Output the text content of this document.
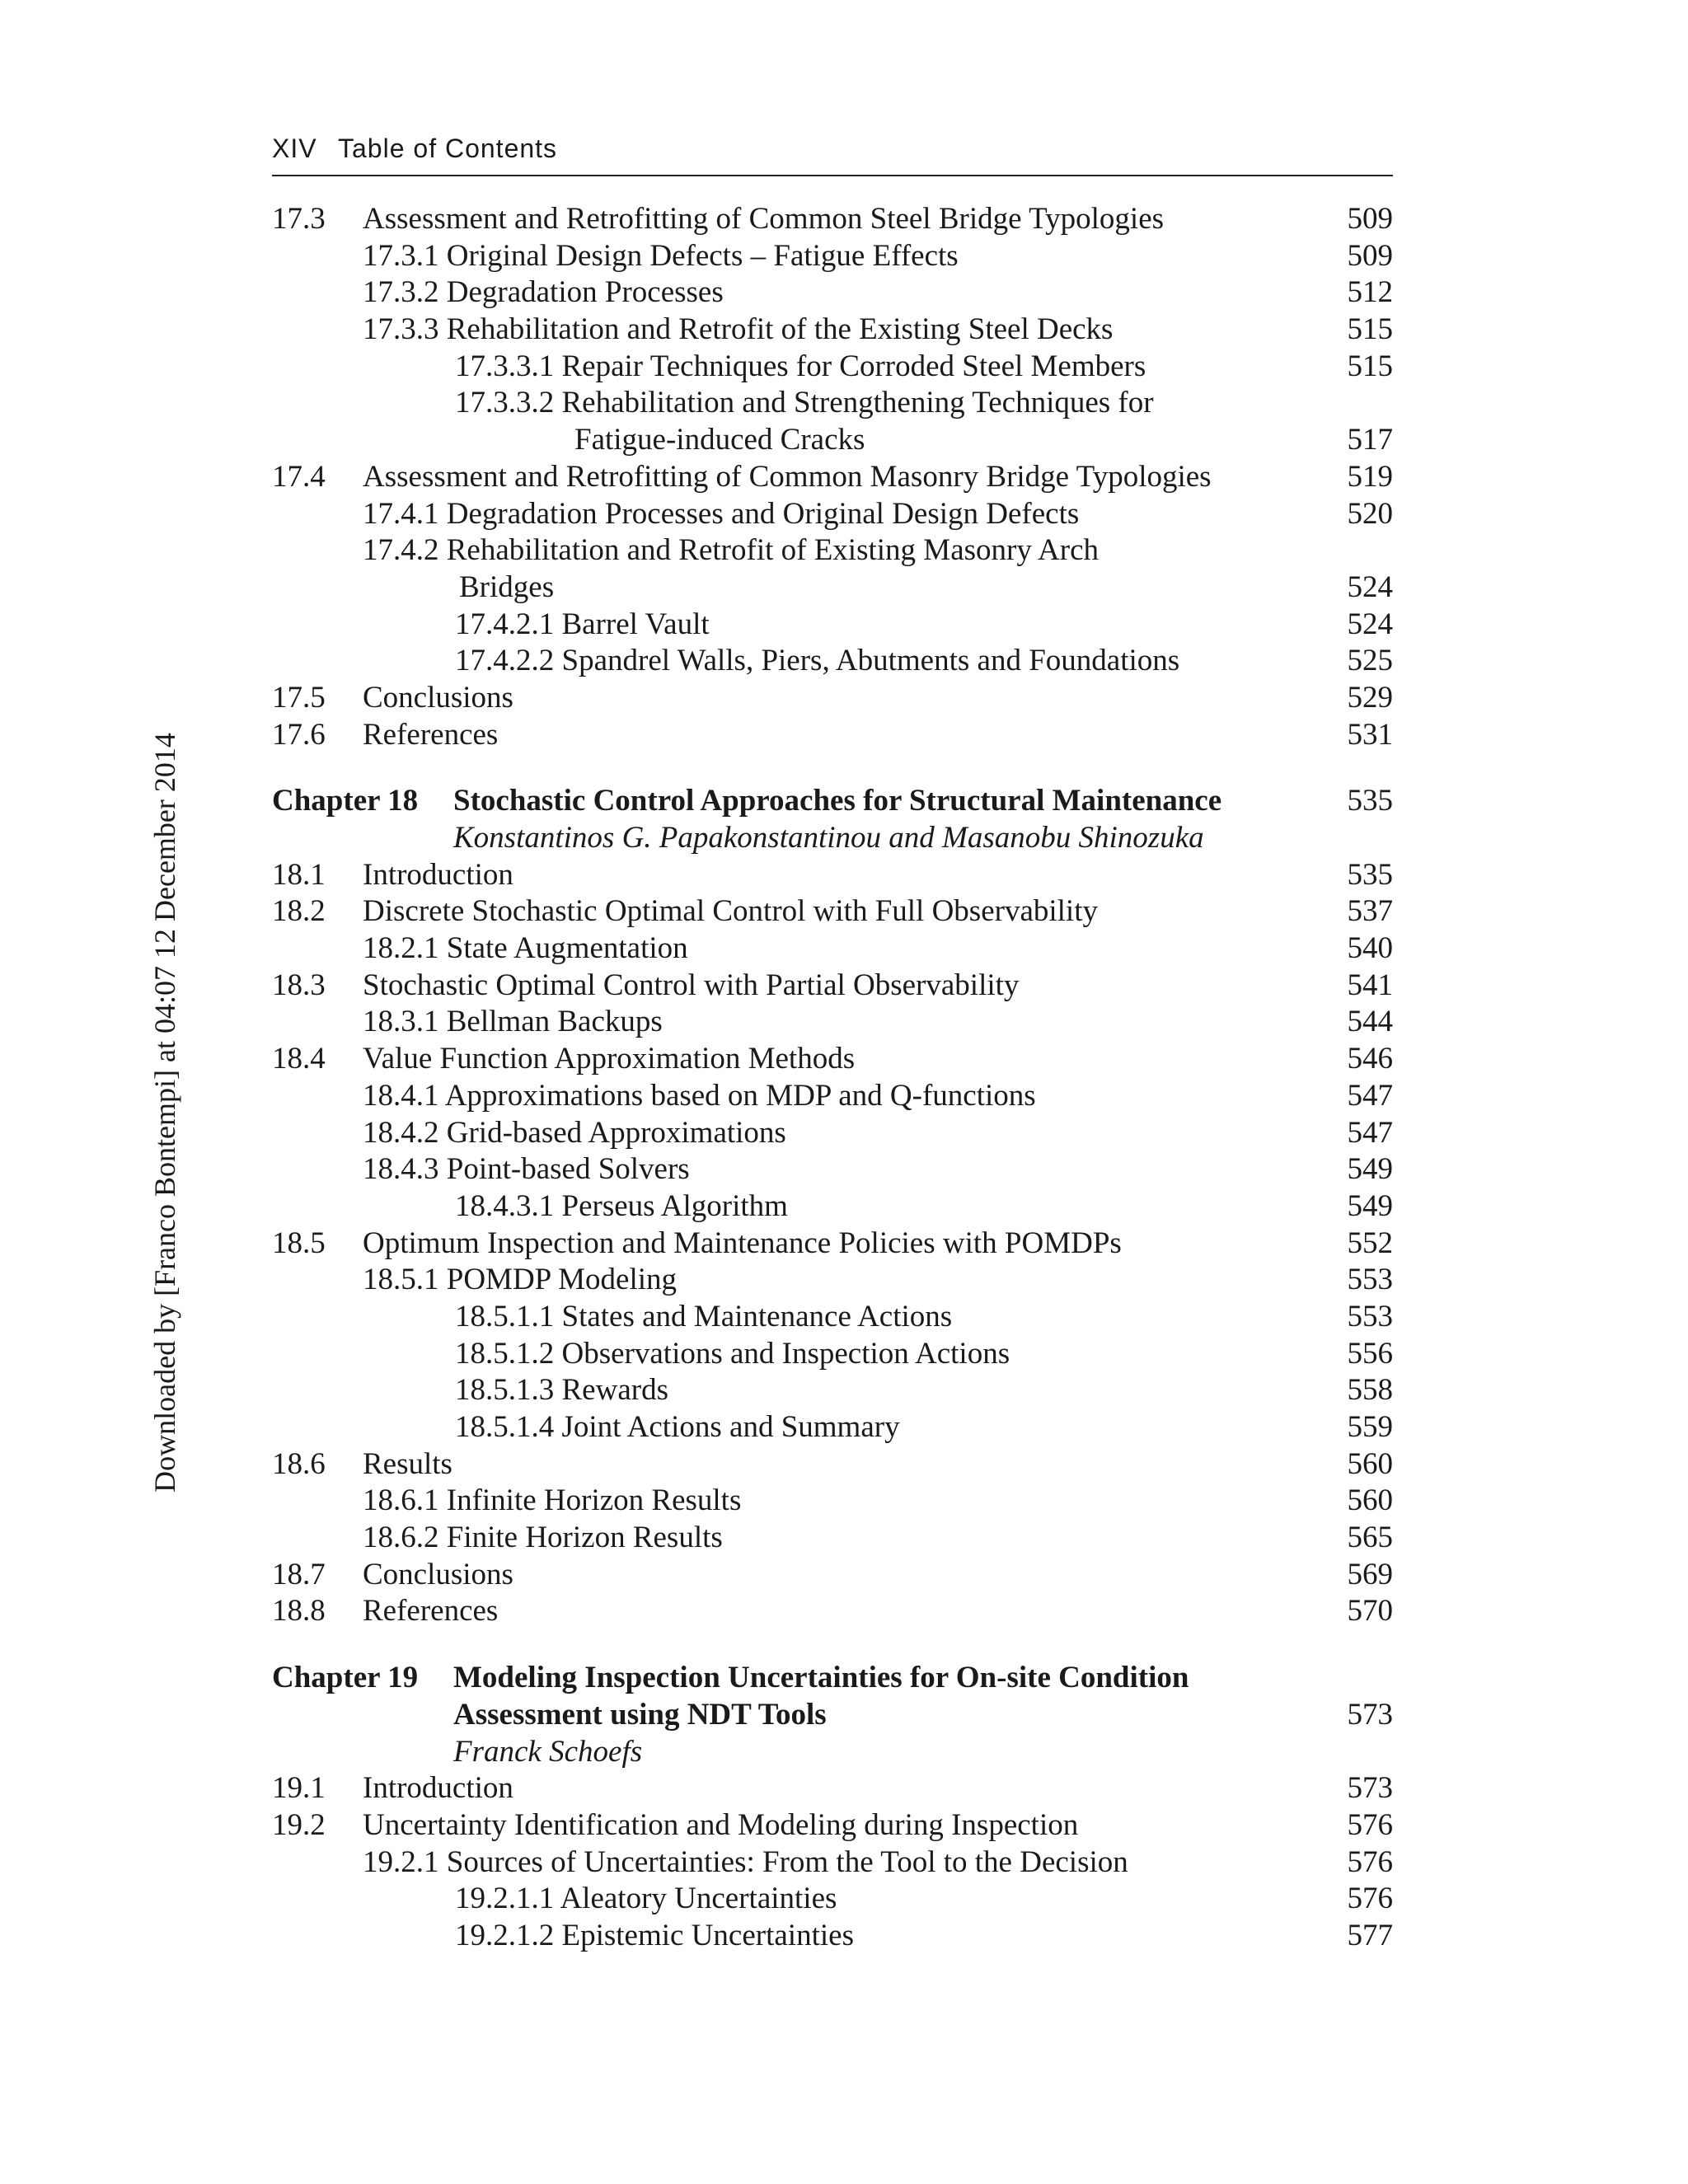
XIV Table of Contents
Downloaded by [Franco Bontempi] at 04:07 12 December 2014
17.3 Assessment and Retrofitting of Common Steel Bridge Typologies	509
17.3.1 Original Design Defects – Fatigue Effects	509
17.3.2 Degradation Processes	512
17.3.3 Rehabilitation and Retrofit of the Existing Steel Decks	515
17.3.3.1 Repair Techniques for Corroded Steel Members	515
17.3.3.2 Rehabilitation and Strengthening Techniques for
Fatigue-induced Cracks	517
17.4 Assessment and Retrofitting of Common Masonry Bridge Typologies	519
17.4.1 Degradation Processes and Original Design Defects	520
17.4.2 Rehabilitation and Retrofit of Existing Masonry Arch
Bridges	524
17.4.2.1 Barrel Vault	524
17.4.2.2 Spandrel Walls, Piers, Abutments and Foundations	525
17.5 Conclusions	529
17.6 References	531
Chapter 18 Stochastic Control Approaches for Structural Maintenance	535
Konstantinos G. Papakonstantinou and Masanobu Shinozuka
18.1 Introduction	535
18.2 Discrete Stochastic Optimal Control with Full Observability	537
18.2.1 State Augmentation	540
18.3 Stochastic Optimal Control with Partial Observability	541
18.3.1 Bellman Backups	544
18.4 Value Function Approximation Methods	546
18.4.1 Approximations based on MDP and Q-functions	547
18.4.2 Grid-based Approximations	547
18.4.3 Point-based Solvers	549
18.4.3.1 Perseus Algorithm	549
18.5 Optimum Inspection and Maintenance Policies with POMDPs	552
18.5.1 POMDP Modeling	553
18.5.1.1 States and Maintenance Actions	553
18.5.1.2 Observations and Inspection Actions	556
18.5.1.3 Rewards	558
18.5.1.4 Joint Actions and Summary	559
18.6 Results	560
18.6.1 Infinite Horizon Results	560
18.6.2 Finite Horizon Results	565
18.7 Conclusions	569
18.8 References	570
Chapter 19 Modeling Inspection Uncertainties for On-site Condition
Assessment using NDT Tools	573
Franck Schoefs
19.1 Introduction	573
19.2 Uncertainty Identification and Modeling during Inspection	576
19.2.1 Sources of Uncertainties: From the Tool to the Decision	576
19.2.1.1 Aleatory Uncertainties	576
19.2.1.2 Epistemic Uncertainties	577
